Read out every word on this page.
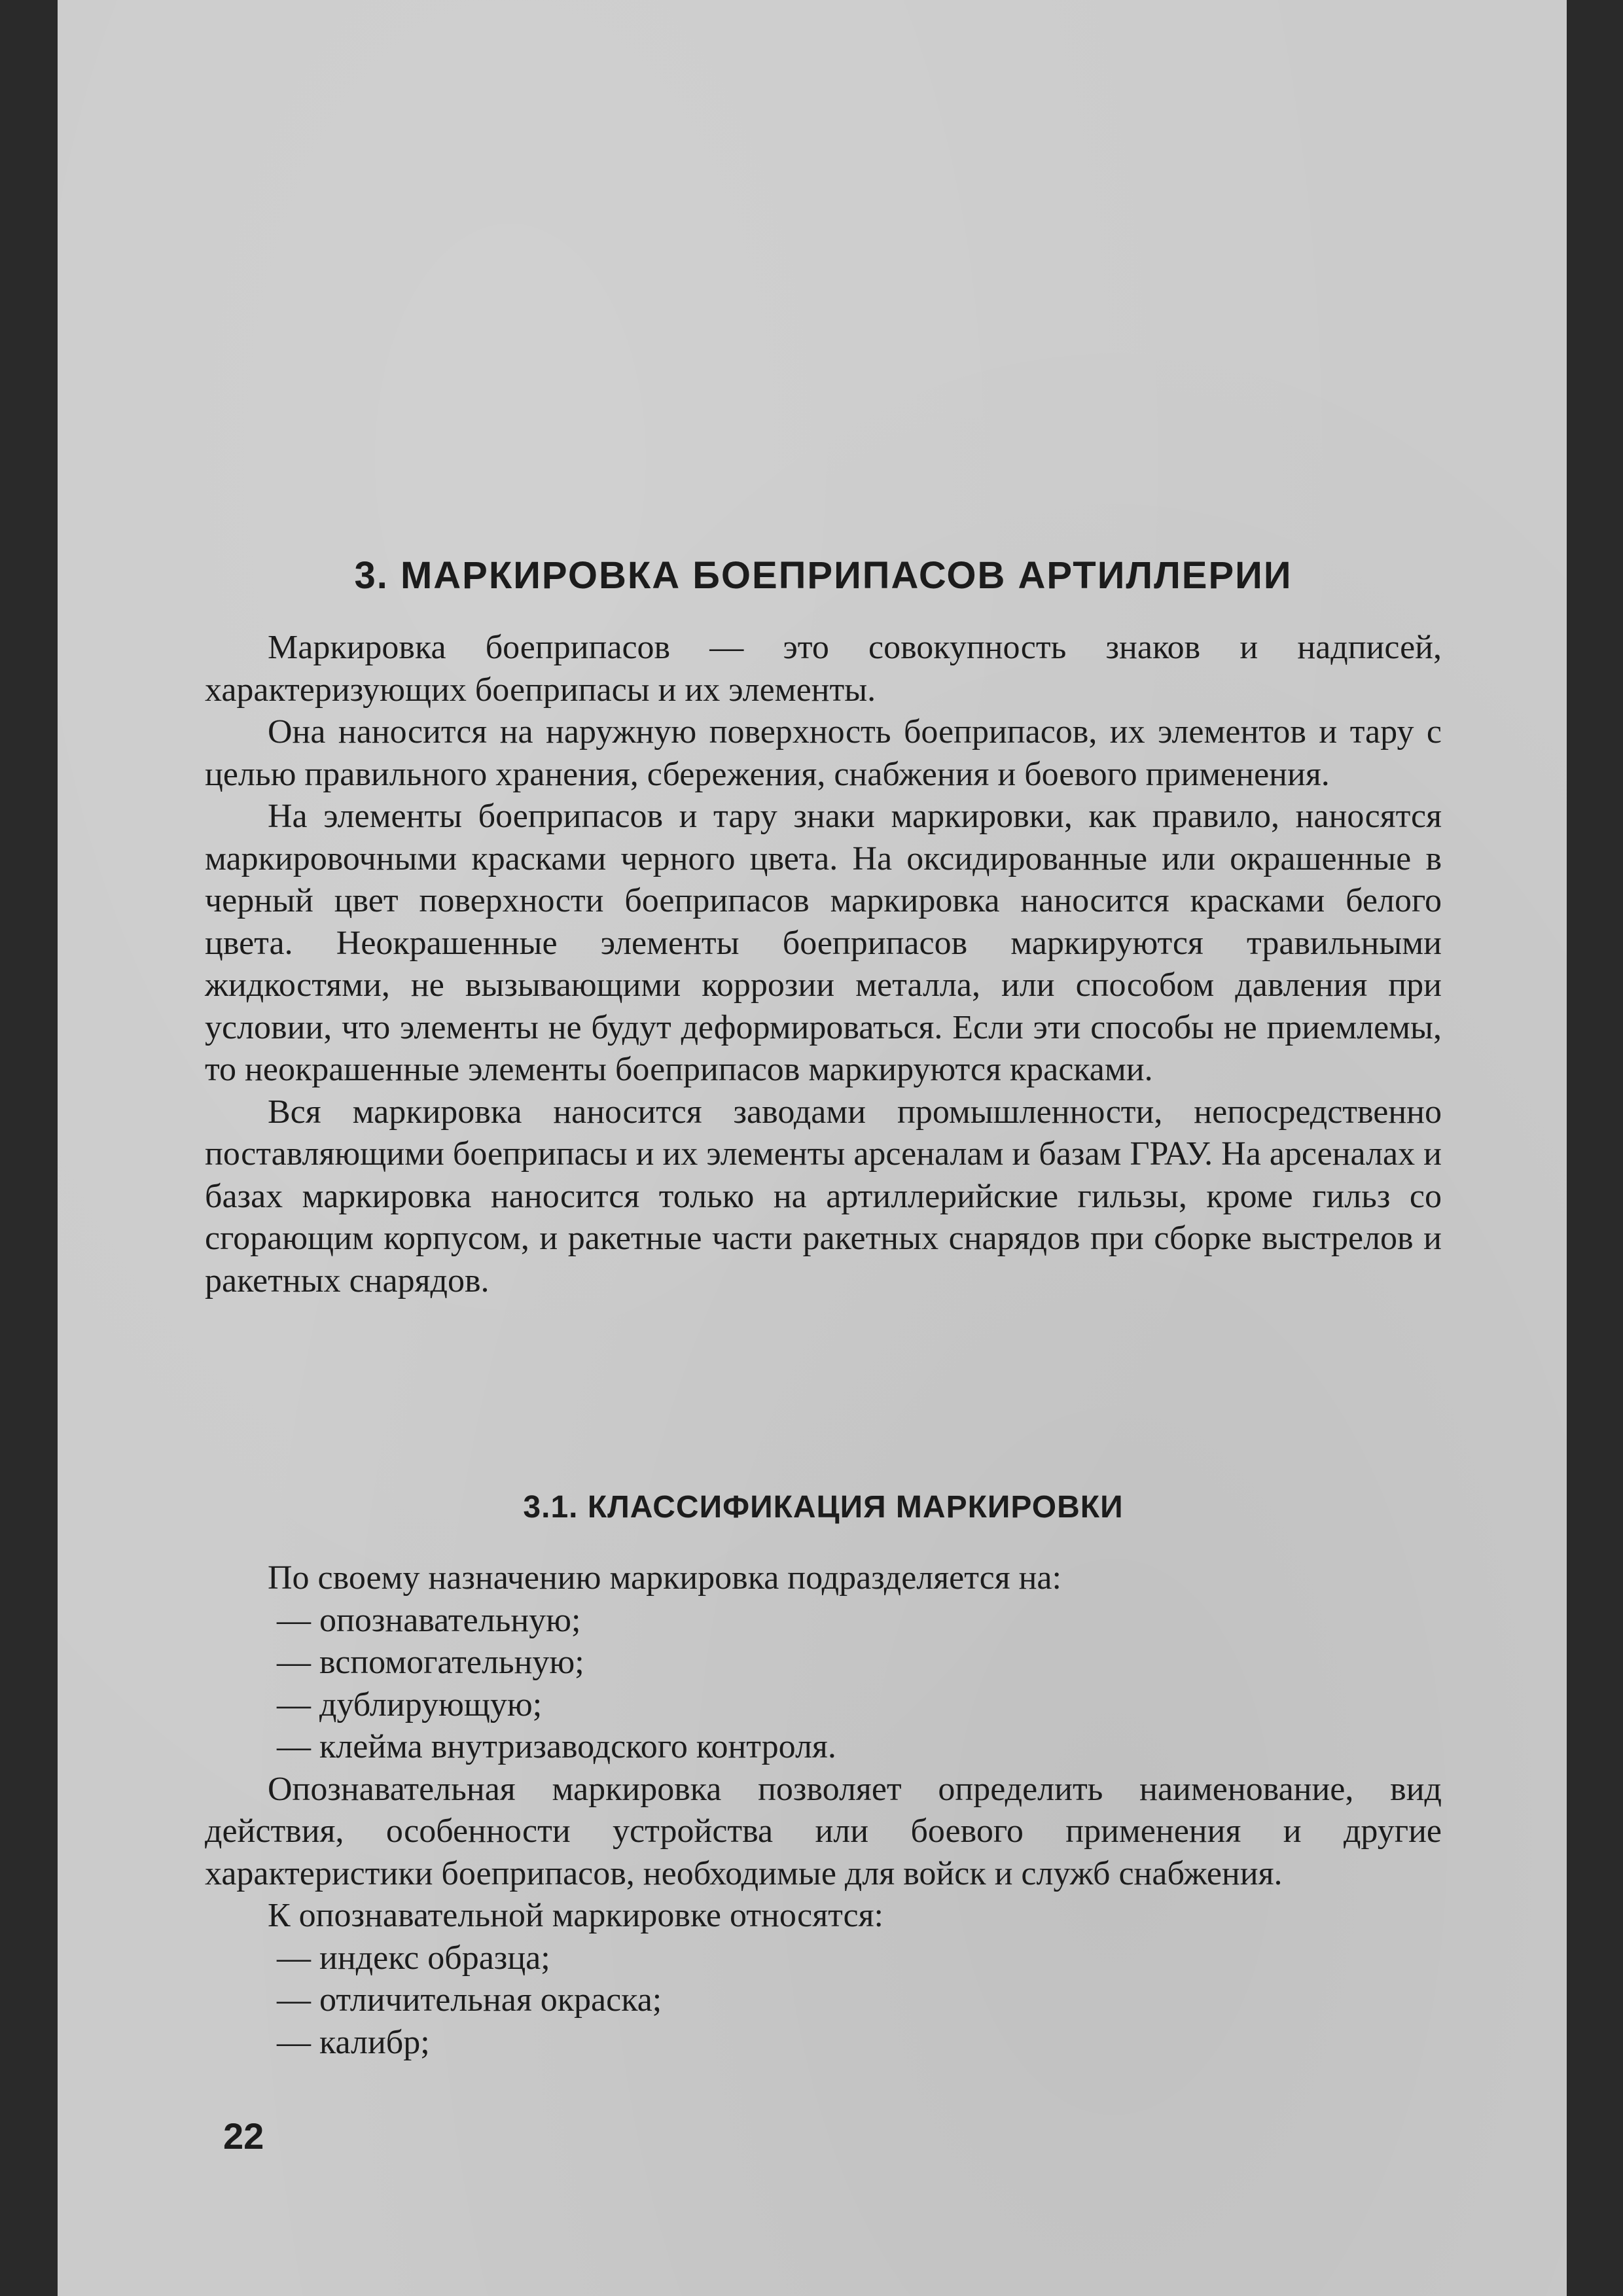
3. МАРКИРОВКА БОЕПРИПАСОВ АРТИЛЛЕРИИ

Маркировка боеприпасов — это совокупность знаков и надписей, характеризующих боеприпасы и их элементы.

Она наносится на наружную поверхность боеприпасов, их элементов и тару с целью правильного хранения, сбережения, снабжения и боевого применения.

На элементы боеприпасов и тару знаки маркировки, как правило, наносятся маркировочными красками черного цвета. На оксидированные или окрашенные в черный цвет поверхности боеприпасов маркировка наносится красками белого цвета. Неокрашенные элементы боеприпасов маркируются травильными жидкостями, не вызывающими коррозии металла, или способом давления при условии, что элементы не будут деформироваться. Если эти способы не приемлемы, то неокрашенные элементы боеприпасов маркируются красками.

Вся маркировка наносится заводами промышленности, непосредственно поставляющими боеприпасы и их элементы арсеналам и базам ГРАУ. На арсеналах и базах маркировка наносится только на артиллерийские гильзы, кроме гильз со сгорающим корпусом, и ракетные части ракетных снарядов при сборке выстрелов и ракетных снарядов.

3.1. КЛАССИФИКАЦИЯ МАРКИРОВКИ

По своему назначению маркировка подразделяется на:

— опознавательную;
— вспомогательную;
— дублирующую;
— клейма внутризаводского контроля.

Опознавательная маркировка позволяет определить наименование, вид действия, особенности устройства или боевого применения и другие характеристики боеприпасов, необходимые для войск и служб снабжения.

К опознавательной маркировке относятся:

— индекс образца;
— отличительная окраска;
— калибр;
22
